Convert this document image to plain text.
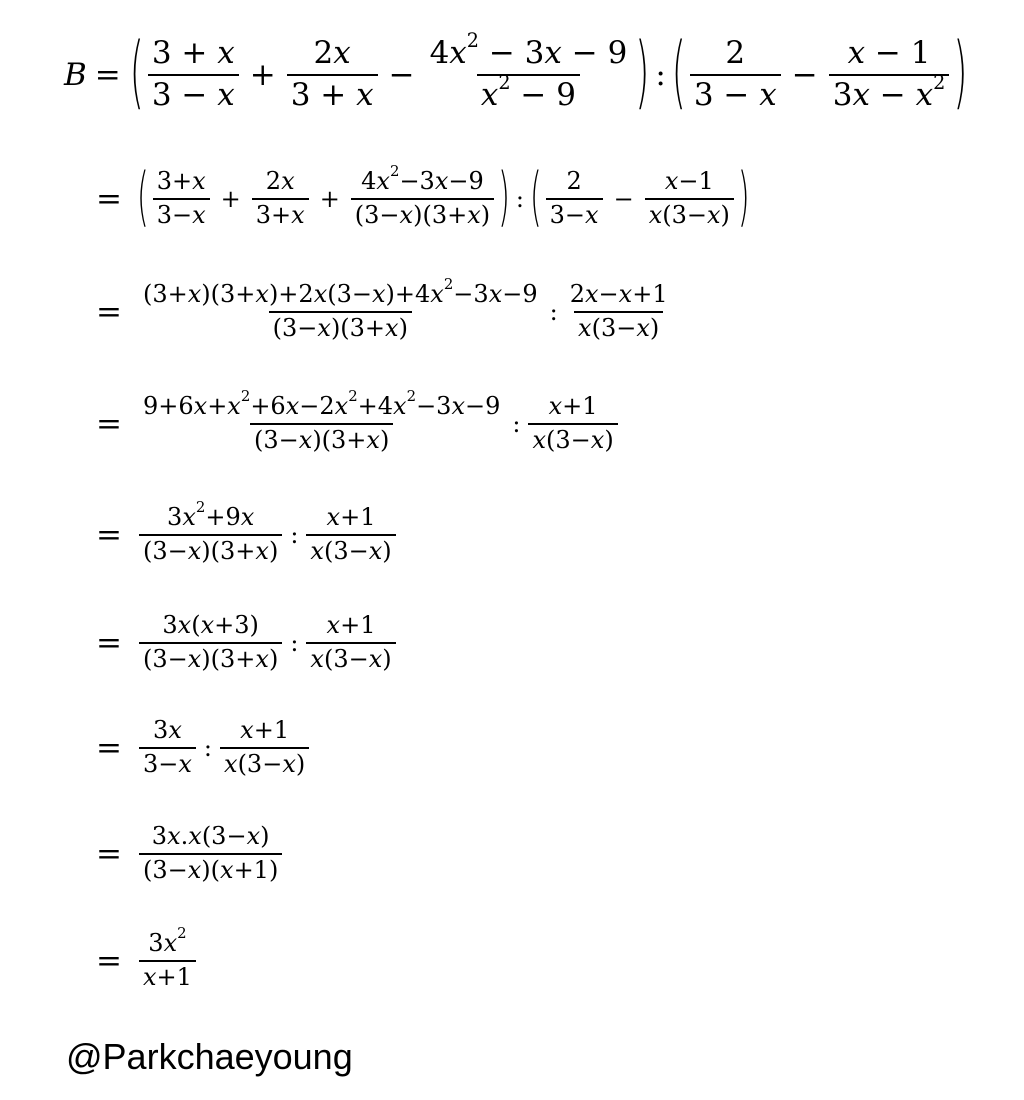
B = ( $\frac{3 + x}{3 - x} + \frac{2x}{3 + x} - \frac{4x^2 - 3x - 9}{x^2 - 9}$ ) : ( $\frac{2}{3 - x} - \frac{x - 1}{3x - x^2}$ )
= ( $\frac{3+x}{3-x} + \frac{2x}{3+x} + \frac{4x^2-3x-9}{(3-x)(3+x)}$ ) : ( $\frac{2}{3-x} - \frac{x-1}{x(3-x)}$ )
= $\frac{(3+x)(3+x)+2x(3-x)+4x^2-3x-9}{(3-x)(3+x)}$ : $\frac{2x-x+1}{x(3-x)}$
= $\frac{9+6x+x^2+6x-2x^2+4x^2-3x-9}{(3-x)(3+x)}$ : $\frac{x+1}{x(3-x)}$
= $\frac{3x^2+9x}{(3-x)(3+x)}$ : $\frac{x+1}{x(3-x)}$
= $\frac{3x(x+3)}{(3-x)(3+x)}$ : $\frac{x+1}{x(3-x)}$
= $\frac{3x}{3-x}$ : $\frac{x+1}{x(3-x)}$
= $\frac{3x.x(3-x)}{(3-x)(x+1)}$
= $\frac{3x^2}{x+1}$
@Parkchaeyoung
